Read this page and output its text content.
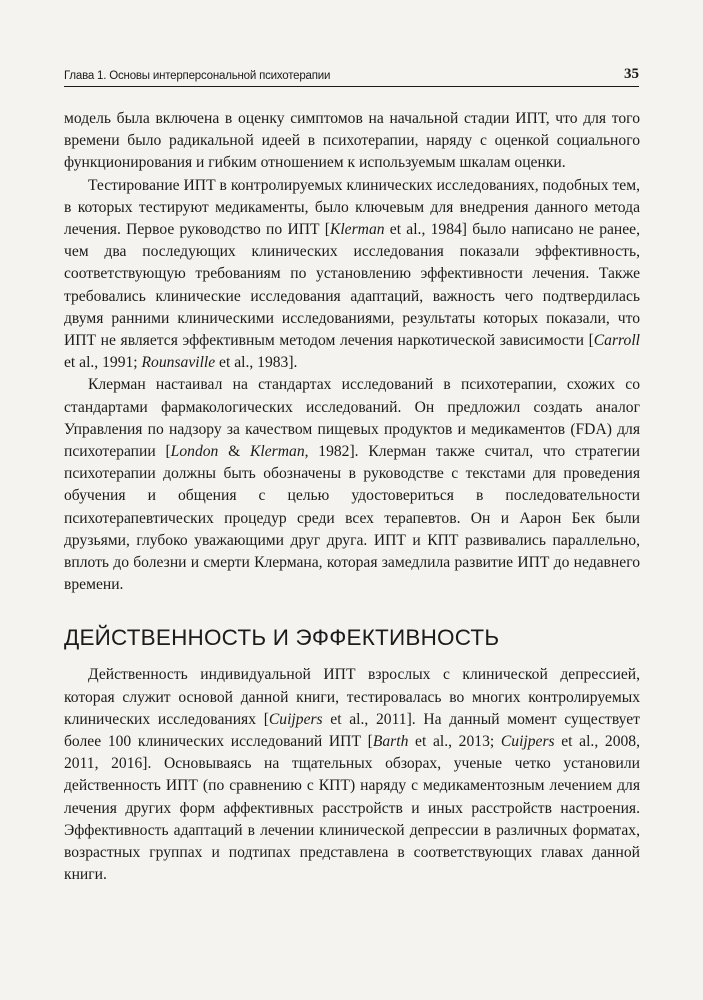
Глава 1. Основы интерперсональной психотерапии	35

модель была включена в оценку симптомов на начальной стадии ИПТ, что для того времени было радикальной идеей в психотерапии, наряду с оценкой социального функционирования и гибким отношением к используемым шкалам оценки.

Тестирование ИПТ в контролируемых клинических исследованиях, подобных тем, в которых тестируют медикаменты, было ключевым для внедрения данного метода лечения. Первое руководство по ИПТ [Klerman et al., 1984] было написано не ранее, чем два последующих клинических исследования показали эффективность, соответствующую требованиям по установлению эффективности лечения. Также требовались клинические исследования адаптаций, важность чего подтвердилась двумя ранними клиническими исследованиями, результаты которых показали, что ИПТ не является эффективным методом лечения наркотической зависимости [Carroll et al., 1991; Rounsaville et al., 1983].

Клерман настаивал на стандартах исследований в психотерапии, схожих со стандартами фармакологических исследований. Он предложил создать аналог Управления по надзору за качеством пищевых продуктов и медикаментов (FDA) для психотерапии [London & Klerman, 1982]. Клерман также считал, что стратегии психотерапии должны быть обозначены в руководстве с текстами для проведения обучения и общения с целью удостовериться в последовательности психотерапевтических процедур среди всех терапевтов. Он и Аарон Бек были друзьями, глубоко уважающими друг друга. ИПТ и КПТ развивались параллельно, вплоть до болезни и смерти Клермана, которая замедлила развитие ИПТ до недавнего времени.

ДЕЙСТВЕННОСТЬ И ЭФФЕКТИВНОСТЬ

Действенность индивидуальной ИПТ взрослых с клинической депрессией, которая служит основой данной книги, тестировалась во многих контролируемых клинических исследованиях [Cuijpers et al., 2011]. На данный момент существует более 100 клинических исследований ИПТ [Barth et al., 2013; Cuijpers et al., 2008, 2011, 2016]. Основываясь на тщательных обзорах, ученые четко установили действенность ИПТ (по сравнению с КПТ) наряду с медикаментозным лечением для лечения других форм аффективных расстройств и иных расстройств настроения. Эффективность адаптаций в лечении клинической депрессии в различных форматах, возрастных группах и подтипах представлена в соответствующих главах данной книги.
